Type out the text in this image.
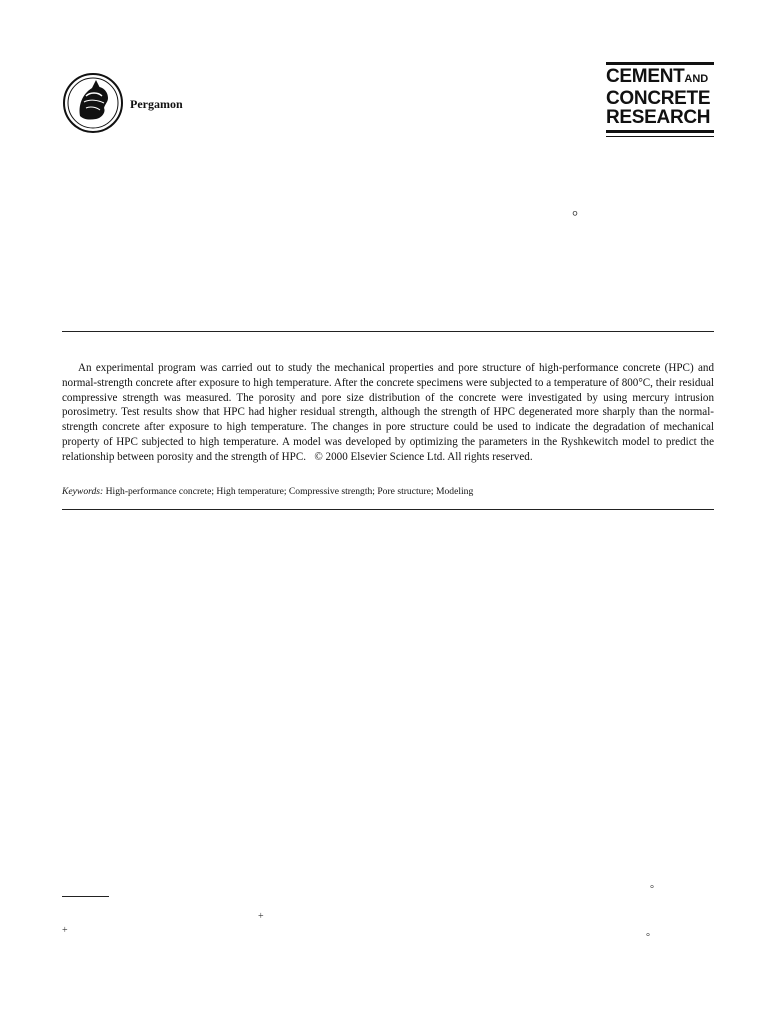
Pergamon
CEMENTAND
CONCRETE
RESEARCH
°

An experimental program was carried out to study the mechanical properties and pore structure of high-performance concrete (HPC) and normal-strength concrete after exposure to high temperature. After the concrete specimens were subjected to a temperature of 800°C, their residual compressive strength was measured. The porosity and pore size distribution of the concrete were investigated by using mercury intrusion porosimetry. Test results show that HPC had higher residual strength, although the strength of HPC degenerated more sharply than the normal-strength concrete after exposure to high temperature. The changes in pore structure could be used to indicate the degradation of mechanical property of HPC subjected to high temperature. A model was developed by optimizing the parameters in the Ryshkewitch model to predict the relationship between porosity and the strength of HPC. © 2000 Elsevier Science Ltd. All rights reserved.

Keywords: High-performance concrete; High temperature; Compressive strength; Pore structure; Modeling
°
+
+
°
